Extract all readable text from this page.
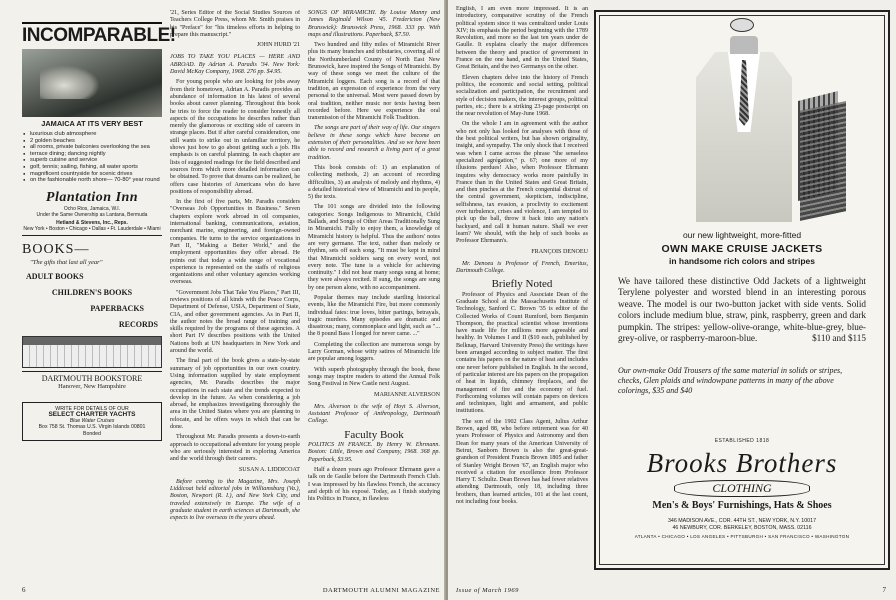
INCOMPARABLE!
JAMAICA AT ITS VERY BEST
● luxurious club atmosphere
● 2 golden beaches
● all rooms, private balconies overlooking the sea
● terrace dining; dancing nightly
● superb cuisine and service
● golf, tennis; sailing, fishing, all water sports
● magnificent countryside for scenic drives
● on the fashionable north shore— 70-80° year round
Plantation Inn
Ocho Rios, Jamaica, W.I.
Under the Same Ownership as Lantana, Bermuda
Hetland & Stevens, Inc., Reps.
New York • Boston • Chicago • Dallas • Ft. Lauderdale • Miami
BOOKS—
"The gifts that last all year"
ADULT BOOKS
CHILDREN'S BOOKS
PAPERBACKS
RECORDS
DARTMOUTH BOOKSTORE
Hanover, New Hampshire
WRITE FOR DETAILS OF OUR
SELECT CHARTER YACHTS
Blue Water Cruises
Box 758 St. Thomas U.S. Virgin Islands 00801
Bonded

'21, Series Editor of the Social Studies Sources of Teachers College Press, whom Mr. Smith praises in his "Preface" for "his timeless efforts in helping to prepare this manuscript."

JOHN HURD '21

JOBS TO TAKE YOU PLACES — HERE AND ABROAD. By Adrian A. Paradis '34. New York: David McKay Company, 1968. 276 pp. $4.95.

For young people who are looking for jobs away from their hometown, Adrian A. Paradis provides an abundance of information in his latest of several books about career planning. Throughout this book he tries to force the reader to consider honestly all aspects of the occupations he describes rather than merely the glamorous or exciting side of careers in strange places. But if after careful consideration, one still wants to strike out in unfamiliar territory, he shows just how to go about getting such a job. His emphasis is on careful planning. In each chapter are lists of suggested readings for the field described and sources from which more detailed information can be obtained. To prove that dreams can be realized, he offers case histories of Americans who do have positions of responsibility abroad.

In the first of five parts, Mr. Paradis considers "Overseas Job Opportunities in Business." Seven chapters explore work abroad in oil companies, international banking, communications, aviation, merchant marine, engineering, and foreign-owned companies. He turns to the service organizations in Part II, "Making a Better World," and the employment opportunities they offer abroad. He points out that today a wide range of vocational experience is represented on the staffs of religious organizations and other voluntary agencies working overseas.

"Government Jobs That Take You Places," Part III, reviews positions of all kinds with the Peace Corps, Department of Defense, USIA, Department of State, CIA, and other government agencies. As in Part II, the author notes the broad range of training and skills required by the programs of these agencies. A short Part IV describes positions with the United Nations both at UN headquarters in New York and around the world.

The final part of the book gives a state-by-state summary of job opportunities in our own country. Using information supplied by state employment agencies, Mr. Paradis describes the major occupations in each state and the trends expected to develop in the future. As when considering a job abroad, he emphasizes investigating thoroughly the area in the United States where you are planning to relocate, and he offers ways in which that can be done.

Throughout Mr. Paradis presents a down-to-earth approach to occupational adventure for young people who are seriously interested in exploring America and the world through their careers.

SUSAN A. LIDDICOAT

Before coming to the Magazine, Mrs. Joseph Liddicoat held editorial jobs in Williamsburg (Va.), Boston, Newport (R. I.), and New York City, and traveled extensively in Europe. The wife of a graduate student in earth sciences at Dartmouth, she expects to live overseas in the years ahead.

SONGS OF MIRAMICHI. By Louise Manny and James Reginald Wilson '45. Fredericton (New Brunswick): Brunswick Press, 1968. 333 pp. With maps and illustrations. Paperback, $7.50.

Two hundred and fifty miles of Miramichi River plus its many branches and tributaries, covering all of the Northumberland County of North East New Brunswick, have inspired the Songs of Miramichi. By way of these songs we meet the culture of the Miramichi loggers. Each song is a record of that tradition, an expression of experience from the very personal to the universal. Most were passed down by oral tradition, neither music nor texts having been recorded before. Here we experience the oral transmission of the Miramichi Folk Tradition.

The songs are part of their way of life. Our singers believe in these songs which have become an extension of their personalities. And so we have been able to record and research a living part of a great tradition.

This book consists of: 1) an explanation of collecting methods, 2) an account of recording difficulties, 3) an analysis of melody and rhythms, 4) a detailed historical view of Miramichi and its people, 5) the texts.

The 101 songs are divided into the following categories: Songs Indigenous to Miramichi, Child Ballads, and Songs of Other Areas Traditionally Sung in Miramichi. Fully to enjoy them, a knowledge of Miramichi history is helpful. Thus the authors' notes are very germane. The text, rather than melody or rhythm, sets off each song. "It must be kept in mind that Miramichi soldiers sang on every word, not every note. The tune is a vehicle for achieving continuity." I did not hear many songs sung at home; they were always recited. If sung, the songs are sung by one person alone, with no accompaniment.

Popular themes may include startling historical events, like the Miramichi Fire, but more commonly individual fates: true loves, bitter partings, betrayals, tragic murders. Many episodes are dramatic and disastrous; many, commonplace and light, such as "... the 8 pound Bass I longed for never came. ..."

Completing the collection are numerous songs by Larry Gorman, whose witty satires of Miramichi life are popular among loggers.

With superb photography through the book, these songs may inspire readers to attend the Annual Folk Song Festival in New Castle next August.

MARIANNE ALVERSON

Mrs. Alverson is the wife of Hoyt S. Alverson, Assistant Professor of Anthropology, Dartmouth College.

Faculty Book

POLITICS IN FRANCE. By Henry W. Ehrmann. Boston: Little, Brown and Company, 1968. 368 pp. Paperback, $3.95.

Half a dozen years ago Professor Ehrmann gave a talk on de Gaulle before the Dartmouth French Club. I was impressed by his flawless French, the accuracy and depth of his exposé. Today, as I finish studying his Politics in France, in flawless

6	DARTMOUTH ALUMNI MAGAZINE

English, I am even more impressed. It is an introductory, comparative scrutiny of the French political system since it was centralized under Louis XIV; its emphasis the period beginning with the 1789 Revolution, and more so the last ten years under de Gaulle. It explains clearly the major differences between the theory and practice of government in France on the one hand, and in the United States, Great Britain, and the two Germanys on the other.

Eleven chapters delve into the history of French politics, the economic and social setting, political socialization and participation, the recruitment and style of decision makers, the interest groups, political parties, etc.; there is a striking 23-page postscript on the near revolution of May-June 1968.

On the whole I am in agreement with the author who not only has looked for analyses with those of the best political writers, but has shown originality, insight, and sympathy. The only shock that I received was when I came across the phrase "the senseless specialized agrégation," p. 67; one more of my illusions perdues! Also, when Professor Ehrmann inquires why democracy works more painfully in France than in the United States and Great Britain, and then pinches at the French congenital distrust of the central government, skepticism, indiscipline, selfishness, tax evasion, a proclivity to excitement over turbulence, crises and violence, I am tempted to pick up the ball, throw it back into any nation's backyard, and call it human nature. Shall we ever learn? We should, with the help of such books as Professor Ehrmann's.

FRANÇOIS DENOEU

Mr. Denoeu is Professor of French, Emeritus, Dartmouth College.

Briefly Noted

Professor of Physics and Associate Dean of the Graduate School at the Massachusetts Institute of Technology, Sanford C. Brown '35 is editor of the Collected Works of Count Rumford, born Benjamin Thompson, the practical scientist whose inventions have made life for millions more agreeable and healthy. In Volumes I and II ($10 each, published by Belknap, Harvard University Press) the writings have been arranged according to subject matter. The first contains his papers on the nature of heat and includes one never before published in English. In the second, of particular interest are his papers on the propagation of heat in liquids, chimney fireplaces, and the management of fire and the economy of fuel. Forthcoming volumes will contain papers on devices and techniques, light and armament, and public institutions.

The son of the 1902 Class Agent, Julius Arthur Brown, aged 88, who before retirement was for 40 years Professor of Physics and Astronomy and then Dean for many years of the American University of Beirut, Sanborn Brown is also the great-great-grandson of President Francis Brown 1805 and father of Stanley Wright Brown '67, an English major who received a citation for excellence from Professor Harry T. Schultz. Dean Brown has had fewer relatives attending Dartmouth, only 18, including three brothers, than learned articles, 101 at the last count, not including four books.

our new lightweight, more-fitted
OWN MAKE CRUISE JACKETS
in handsome rich colors and stripes
We have tailored these distinctive Odd Jackets of a lightweight Terylene polyester and worsted blend in an interesting porous weave. The model is our two-button jacket with side vents. Solid colors include medium blue, straw, pink, raspberry, green and dark pumpkin. The stripes: yellow-olive-orange, white-blue-grey, blue-grey-olive, or raspberry-maroon-blue.	$110 and $115
Our own-make Odd Trousers of the same material in solids or stripes, checks, Glen plaids and windowpane patterns in many of the above colorings, $35 and $40
ESTABLISHED 1818
Brooks Brothers
CLOTHING
Men's & Boys' Furnishings, Hats & Shoes
346 MADISON AVE., COR. 44TH ST., NEW YORK, N.Y. 10017
46 NEWBURY, COR. BERKELEY, BOSTON, MASS. 02116
ATLANTA • CHICAGO • LOS ANGELES • PITTSBURGH • SAN FRANCISCO • WASHINGTON
Issue of March 1969	7
